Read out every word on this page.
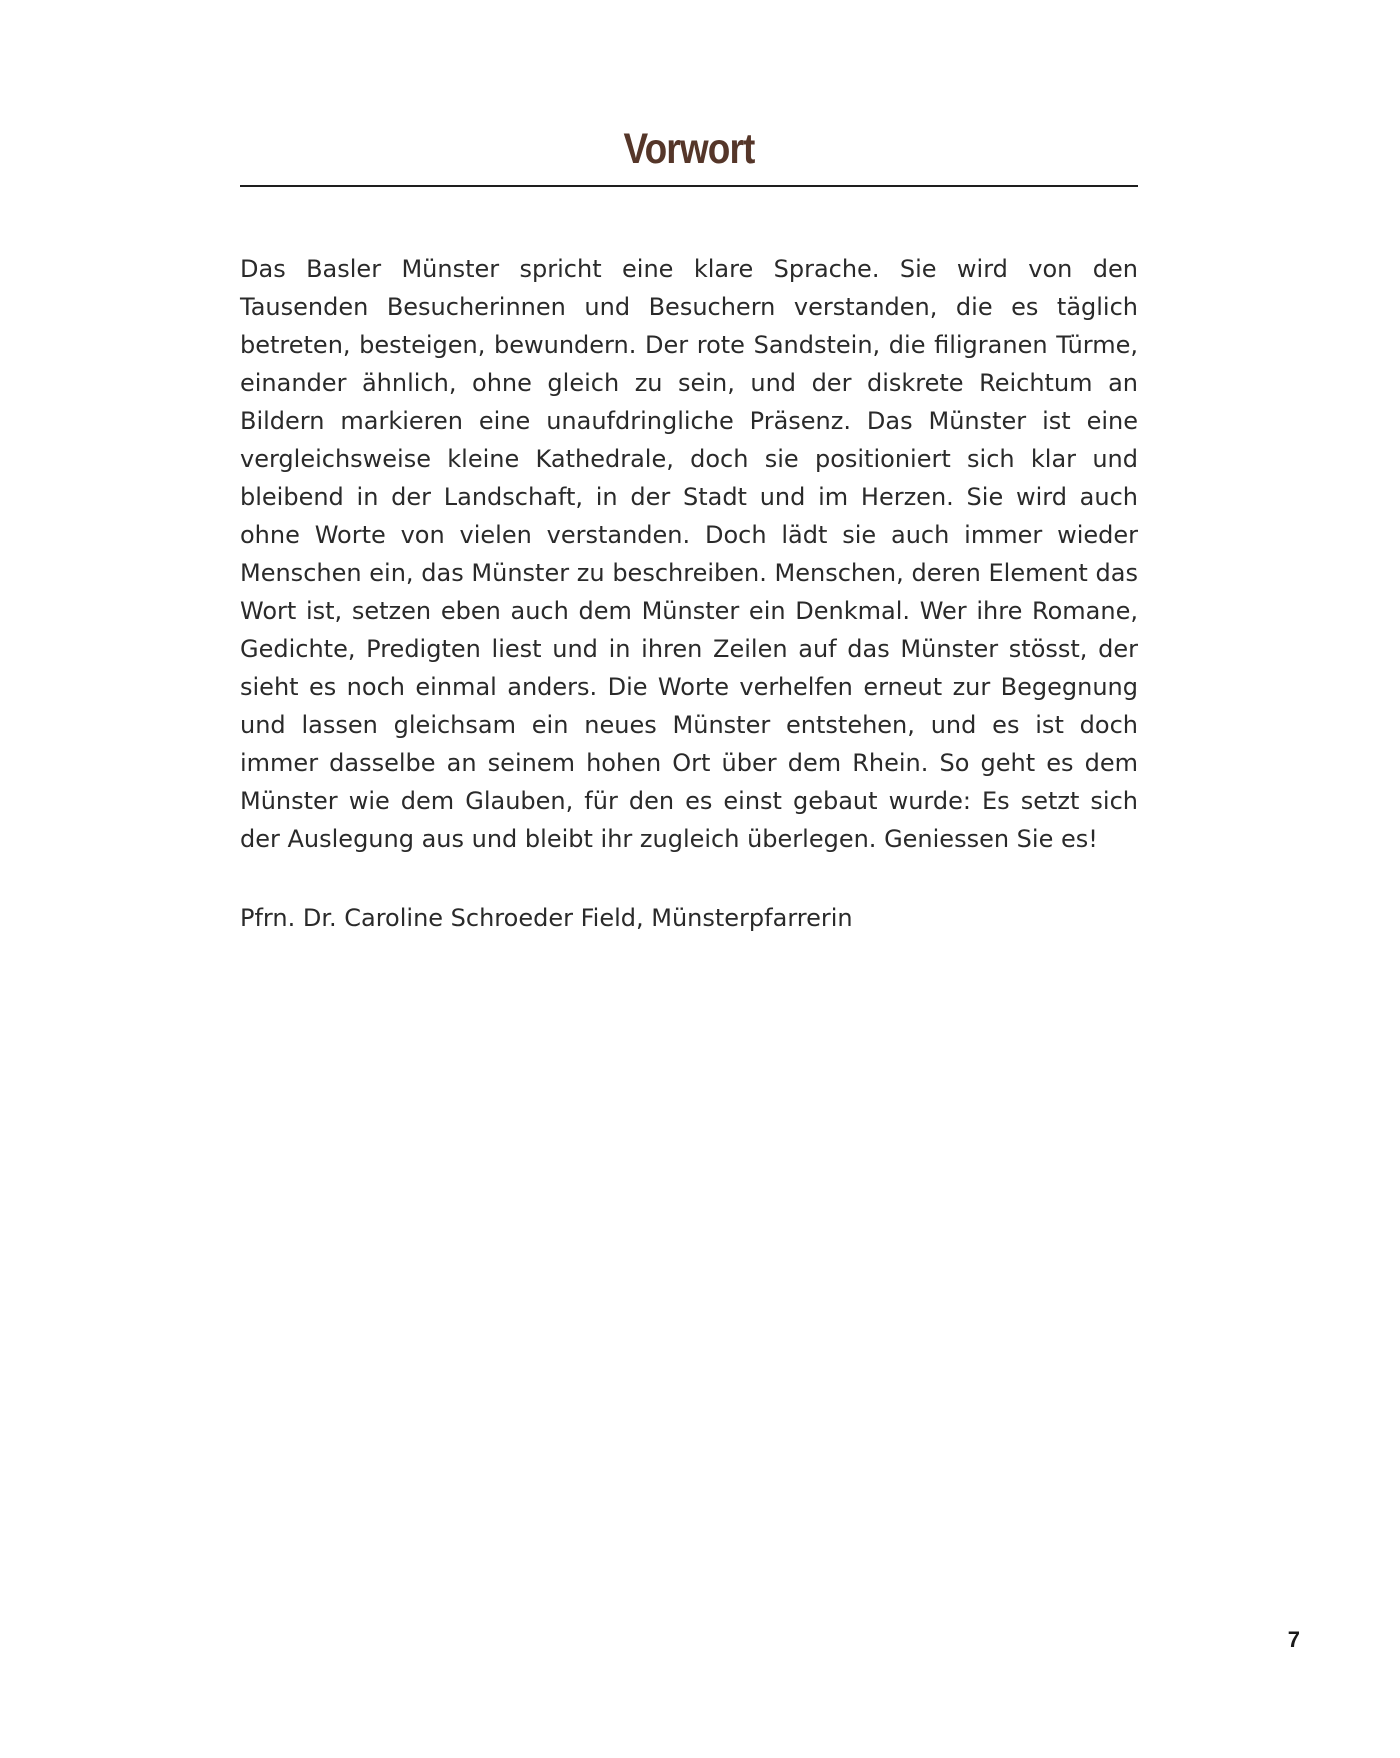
Vorwort

Das Basler Münster spricht eine klare Sprache. Sie wird von den Tausenden Besucherinnen und Besuchern verstanden, die es täglich betreten, besteigen, bewundern. Der rote Sandstein, die filigranen Türme, einander ähnlich, ohne gleich zu sein, und der diskrete Reichtum an Bildern markieren eine unaufdringliche Präsenz. Das Münster ist eine vergleichsweise kleine Kathedrale, doch sie positioniert sich klar und bleibend in der Landschaft, in der Stadt und im Herzen. Sie wird auch ohne Worte von vielen verstanden. Doch lädt sie auch immer wieder Menschen ein, das Münster zu beschreiben. Menschen, deren Element das Wort ist, setzen eben auch dem Münster ein Denkmal. Wer ihre Romane, Gedichte, Predigten liest und in ihren Zeilen auf das Münster stösst, der sieht es noch einmal anders. Die Worte verhelfen erneut zur Begegnung und lassen gleichsam ein neues Münster entstehen, und es ist doch immer dasselbe an seinem hohen Ort über dem Rhein. So geht es dem Münster wie dem Glauben, für den es einst gebaut wurde: Es setzt sich der Auslegung aus und bleibt ihr zugleich überlegen. Geniessen Sie es!

Pfrn. Dr. Caroline Schroeder Field, Münsterpfarrerin

7
